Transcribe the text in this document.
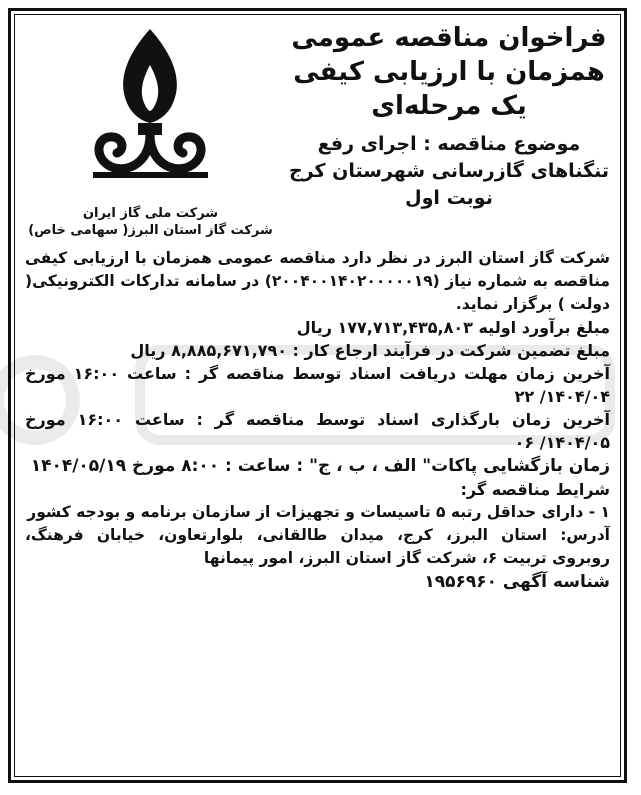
فراخوان مناقصه عمومی
همزمان با ارزیابی کیفی
یک مرحله‌ای
موضوع مناقصه : اجرای رفع
تنگناهای گازرسانی شهرستان کرج
نوبت اول
شرکت ملی گاز ایران
شرکت گاز استان البرز( سهامی خاص)
شرکت گاز استان البرز در نظر دارد مناقصه عمومی همزمان با ارزیابی کیفی مناقصه به شماره نیاز (۲۰۰۴۰۰۱۴۰۲۰۰۰۰۰۱۹) در سامانه تدارکات الکترونیکی( دولت ) برگزار نماید.
مبلغ برآورد اولیه ۱۷۷,۷۱۳,۴۳۵,۸۰۳ ریال
مبلغ تضمین شرکت در فرآیند ارجاع کار : ۸,۸۸۵,۶۷۱,۷۹۰ ریال
آخرین زمان مهلت دریافت اسناد توسط مناقصه گر : ساعت ۱۶:۰۰ مورخ ۱۴۰۴/۰۴/ ۲۲
آخرین زمان بارگذاری اسناد توسط مناقصه گر : ساعت ۱۶:۰۰ مورخ ۱۴۰۴/۰۵/ ۰۶
زمان بازگشایی پاکات" الف ، ب ، ج" : ساعت : ۸:۰۰ مورخ ۱۴۰۴/۰۵/۱۹
شرایط مناقصه گر:
۱ - دارای حداقل رتبه ۵ تاسیسات و تجهیزات از سازمان برنامه و بودجه کشور
آدرس: استان البرز، کرج، میدان طالقانی، بلوارتعاون، خیابان فرهنگ، روبروی تربیت ۶، شرکت گاز استان البرز، امور پیمانها
شناسه آگهی ۱۹۵۶۹۶۰
